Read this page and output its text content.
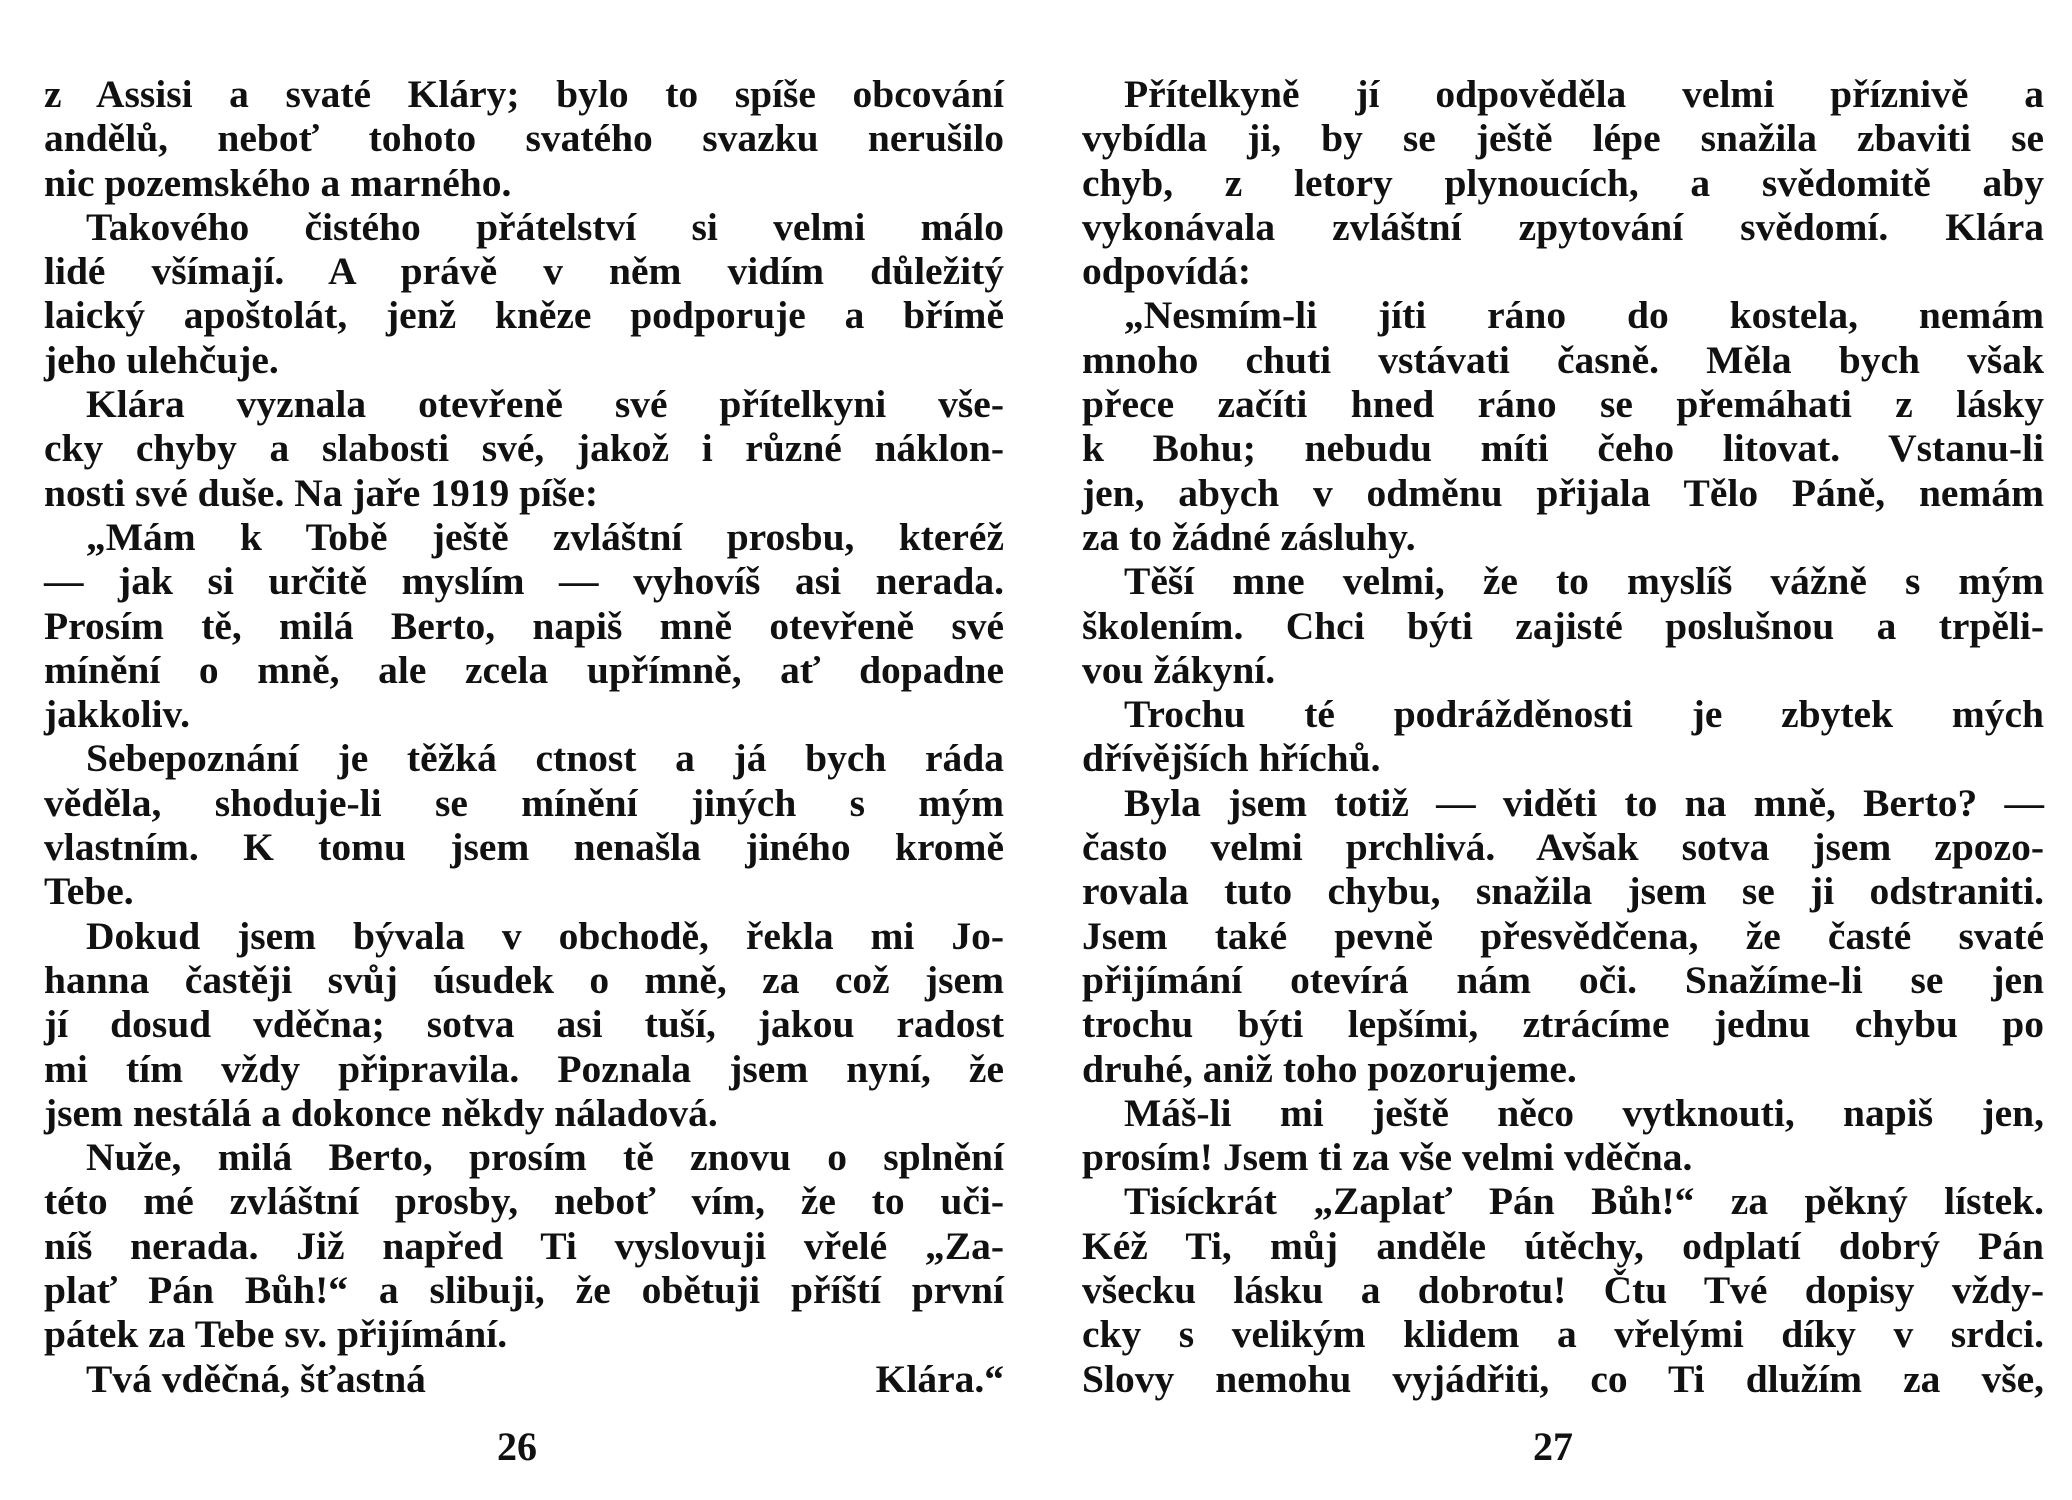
z Assisi a svaté Kláry; bylo to spíše obcování
andělů, neboť tohoto svatého svazku nerušilo
nic pozemského a marného.
Takového čistého přátelství si velmi málo
lidé všímají. A právě v něm vidím důležitý
laický apoštolát, jenž kněze podporuje a břímě
jeho ulehčuje.
Klára vyznala otevřeně své přítelkyni vše-
cky chyby a slabosti své, jakož i různé náklon-
nosti své duše. Na jaře 1919 píše:
„Mám k Tobě ještě zvláštní prosbu, kteréž
— jak si určitě myslím — vyhovíš asi nerada.
Prosím tě, milá Berto, napiš mně otevřeně své
mínění o mně, ale zcela upřímně, ať dopadne
jakkoliv.
Sebepoznání je těžká ctnost a já bych ráda
věděla, shoduje-li se mínění jiných s mým
vlastním. K tomu jsem nenašla jiného kromě
Tebe.
Dokud jsem bývala v obchodě, řekla mi Jo-
hanna častěji svůj úsudek o mně, za což jsem
jí dosud vděčna; sotva asi tuší, jakou radost
mi tím vždy připravila. Poznala jsem nyní, že
jsem nestálá a dokonce někdy náladová.
Nuže, milá Berto, prosím tě znovu o splnění
této mé zvláštní prosby, neboť vím, že to uči-
níš nerada. Již napřed Ti vyslovuji vřelé „Za-
plať Pán Bůh!“ a slibuji, že obětuji příští první
pátek za Tebe sv. přijímání.
Tvá vděčná, šťastná	Klára.“
Přítelkyně jí odpověděla velmi příznivě a
vybídla ji, by se ještě lépe snažila zbaviti se
chyb, z letory plynoucích, a svědomitě aby
vykonávala zvláštní zpytování svědomí. Klára
odpovídá:
„Nesmím-li jíti ráno do kostela, nemám
mnoho chuti vstávati časně. Měla bych však
přece začíti hned ráno se přemáhati z lásky
k Bohu; nebudu míti čeho litovat. Vstanu-li
jen, abych v odměnu přijala Tělo Páně, nemám
za to žádné zásluhy.
Těší mne velmi, že to myslíš vážně s mým
školením. Chci býti zajisté poslušnou a trpěli-
vou žákyní.
Trochu té podrážděnosti je zbytek mých
dřívějších hříchů.
Byla jsem totiž — viděti to na mně, Berto? —
často velmi prchlivá. Avšak sotva jsem zpozo-
rovala tuto chybu, snažila jsem se ji odstraniti.
Jsem také pevně přesvědčena, že časté svaté
přijímání otevírá nám oči. Snažíme-li se jen
trochu býti lepšími, ztrácíme jednu chybu po
druhé, aniž toho pozorujeme.
Máš-li mi ještě něco vytknouti, napiš jen,
prosím! Jsem ti za vše velmi vděčna.
Tisíckrát „Zaplať Pán Bůh!“ za pěkný lístek.
Kéž Ti, můj anděle útěchy, odplatí dobrý Pán
všecku lásku a dobrotu! Čtu Tvé dopisy vždy-
cky s velikým klidem a vřelými díky v srdci.
Slovy nemohu vyjádřiti, co Ti dlužím za vše,
26	27
